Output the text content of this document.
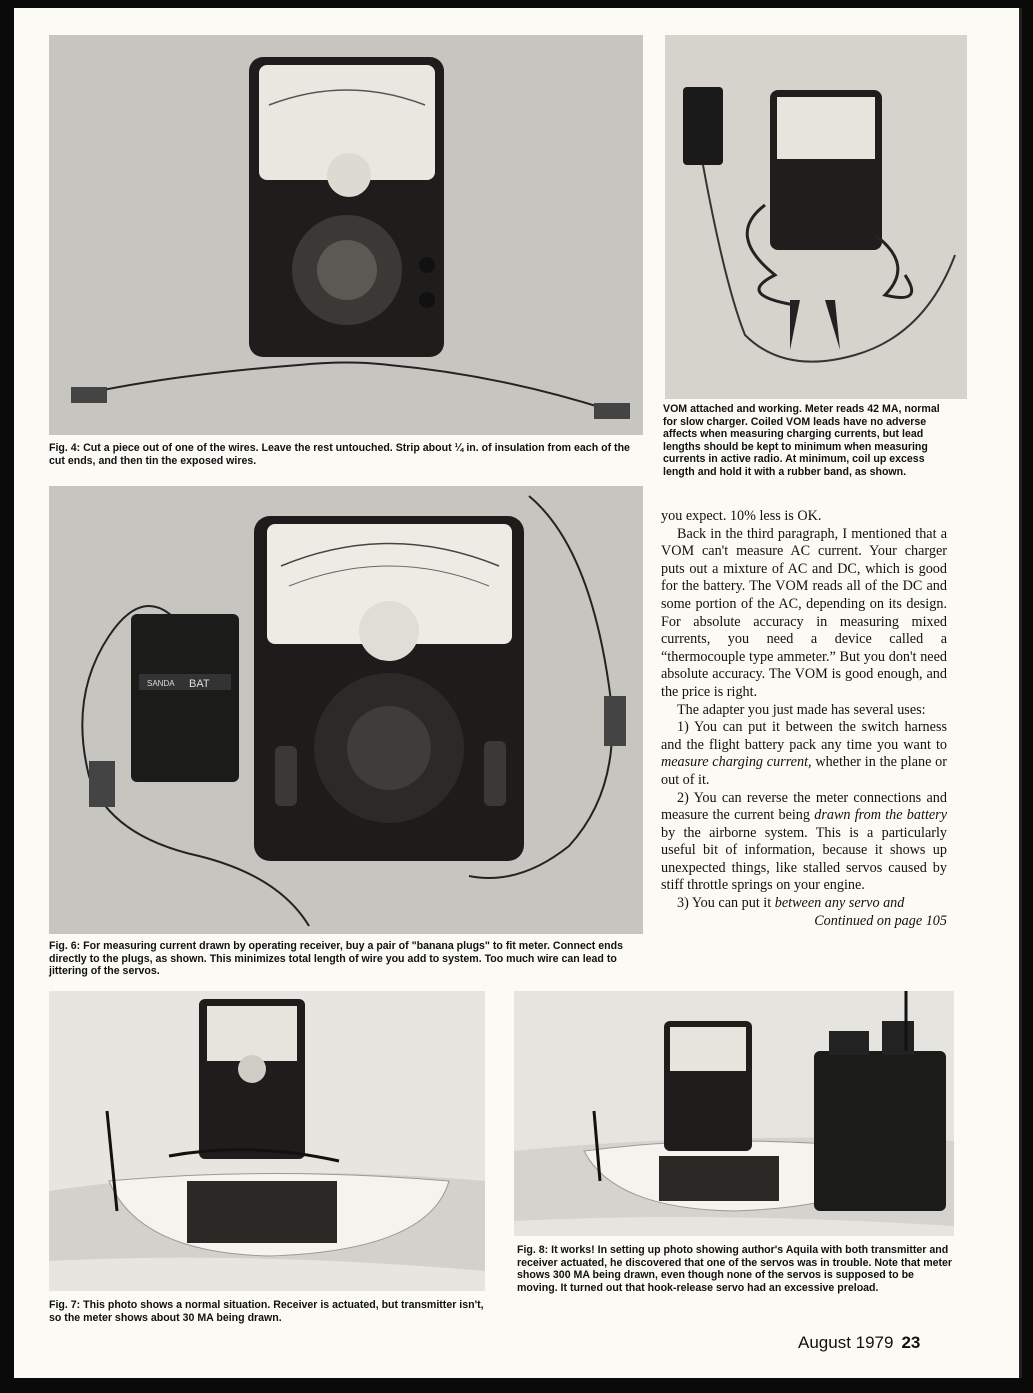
Fig. 4: Cut a piece out of one of the wires. Leave the rest untouched. Strip about ¼ in. of insulation from each of the cut ends, and then tin the exposed wires.

VOM attached and working. Meter reads 42 MA, normal for slow charger. Coiled VOM leads have no adverse affects when measuring charging currents, but lead lengths should be kept to minimum when measuring currents in active radio. At minimum, coil up excess length and hold it with a rubber band, as shown.

SANDA BAT

Fig. 6: For measuring current drawn by operating receiver, buy a pair of "banana plugs" to fit meter. Connect ends directly to the plugs, as shown. This minimizes total length of wire you add to system. Too much wire can lead to jittering of the servos.

you expect. 10% less is OK.

Back in the third paragraph, I mentioned that a VOM can't measure AC current. Your charger puts out a mixture of AC and DC, which is good for the battery. The VOM reads all of the DC and some portion of the AC, depending on its design. For absolute accuracy in measuring mixed currents, you need a device called a “thermocouple type ammeter.” But you don't need absolute accuracy. The VOM is good enough, and the price is right.

The adapter you just made has several uses:

1) You can put it between the switch harness and the flight battery pack any time you want to measure charging current, whether in the plane or out of it.

2) You can reverse the meter connections and measure the current being drawn from the battery by the airborne system. This is a particularly useful bit of information, because it shows up unexpected things, like stalled servos caused by stiff throttle springs on your engine.

3) You can put it between any servo and

Continued on page 105

Fig. 7: This photo shows a normal situation. Receiver is actuated, but transmitter isn't, so the meter shows about 30 MA being drawn.

Fig. 8: It works! In setting up photo showing author's Aquila with both transmitter and receiver actuated, he discovered that one of the servos was in trouble. Note that meter shows 300 MA being drawn, even though none of the servos is supposed to be moving. It turned out that hook-release servo had an excessive preload.

August 1979 23
